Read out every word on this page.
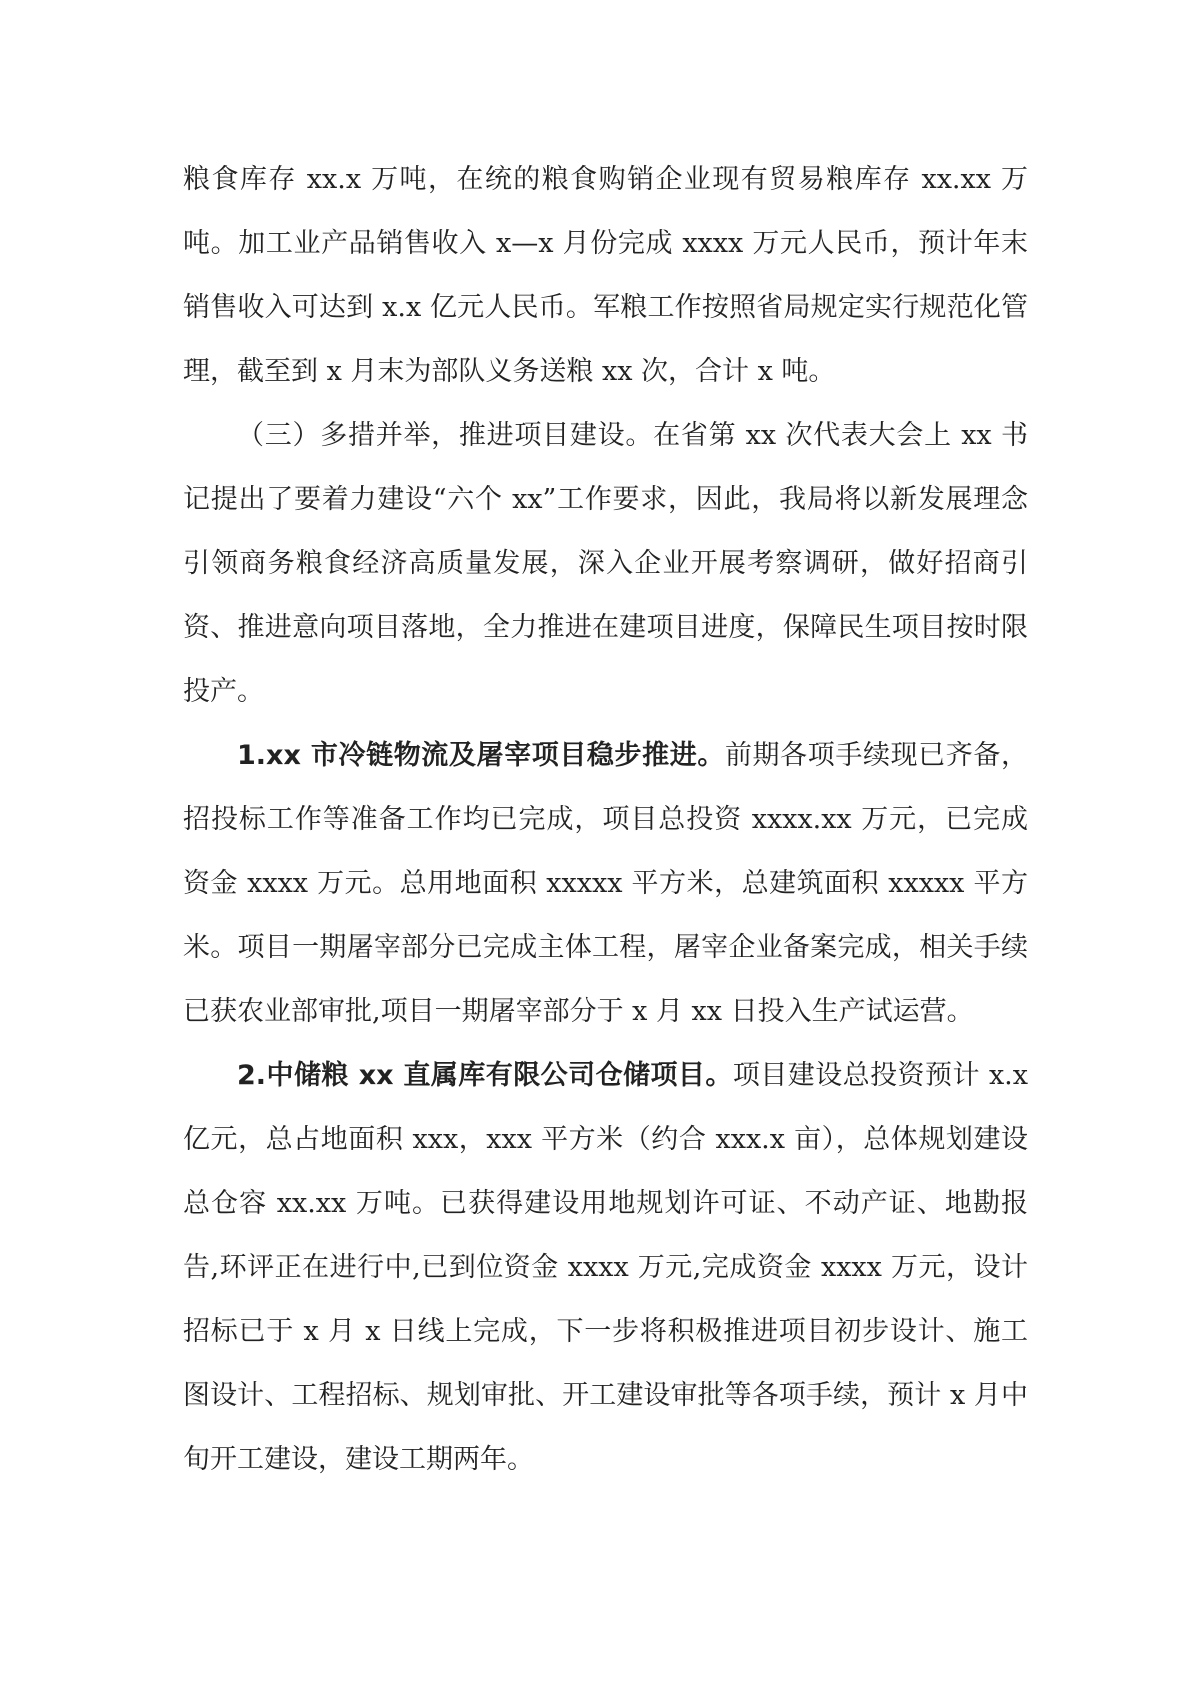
粮食库存 xx.x 万吨，在统的粮食购销企业现有贸易粮库存 xx.xx 万吨。加工业产品销售收入 x—x 月份完成 xxxx 万元人民币，预计年末销售收入可达到 x.x 亿元人民币。军粮工作按照省局规定实行规范化管理，截至到 x 月末为部队义务送粮 xx 次，合计 x 吨。

（三）多措并举，推进项目建设。在省第 xx 次代表大会上 xx 书记提出了要着力建设“六个 xx”工作要求，因此，我局将以新发展理念引领商务粮食经济高质量发展，深入企业开展考察调研，做好招商引资、推进意向项目落地，全力推进在建项目进度，保障民生项目按时限投产。

1.xx 市冷链物流及屠宰项目稳步推进。前期各项手续现已齐备，招投标工作等准备工作均已完成，项目总投资 xxxx.xx 万元，已完成资金 xxxx 万元。总用地面积 xxxxx 平方米，总建筑面积 xxxxx 平方米。项目一期屠宰部分已完成主体工程，屠宰企业备案完成，相关手续已获农业部审批,项目一期屠宰部分于 x 月 xx 日投入生产试运营。

2.中储粮 xx 直属库有限公司仓储项目。项目建设总投资预计 x.x 亿元，总占地面积 xxx，xxx 平方米（约合 xxx.x 亩），总体规划建设总仓容 xx.xx 万吨。已获得建设用地规划许可证、不动产证、地勘报告,环评正在进行中,已到位资金 xxxx 万元,完成资金 xxxx 万元，设计招标已于 x 月 x 日线上完成，下一步将积极推进项目初步设计、施工图设计、工程招标、规划审批、开工建设审批等各项手续，预计 x 月中旬开工建设，建设工期两年。
